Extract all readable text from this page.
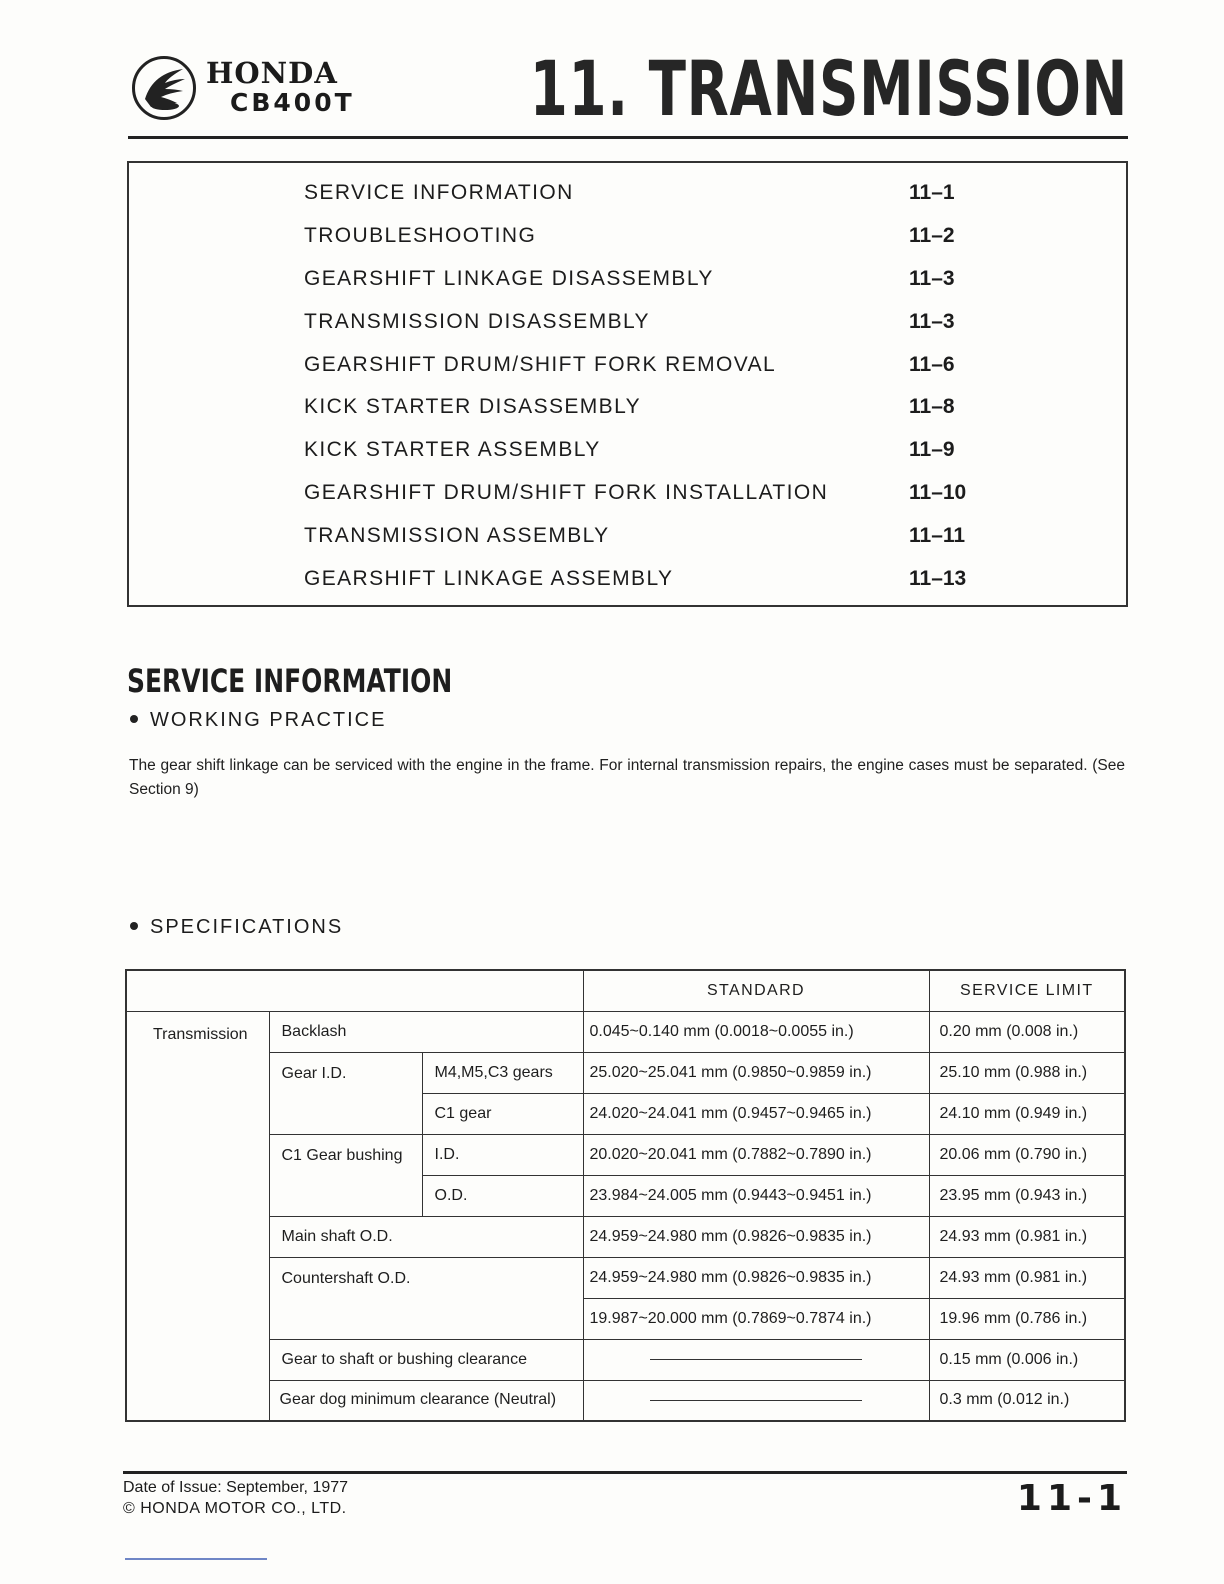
HONDA
CB400T 11. TRANSMISSION
SERVICE INFORMATION	11–1
TROUBLESHOOTING	11–2
GEARSHIFT LINKAGE DISASSEMBLY	11–3
TRANSMISSION DISASSEMBLY	11–3
GEARSHIFT DRUM/SHIFT FORK REMOVAL	11–6
KICK STARTER DISASSEMBLY	11–8
KICK STARTER ASSEMBLY	11–9
GEARSHIFT DRUM/SHIFT FORK INSTALLATION	11–10
TRANSMISSION ASSEMBLY	11–11
GEARSHIFT LINKAGE ASSEMBLY	11–13
SERVICE INFORMATION
WORKING PRACTICE
The gear shift linkage can be serviced with the engine in the frame. For internal transmission repairs, the engine cases must be separated. (See Section 9)
SPECIFICATIONS
			STANDARD	SERVICE LIMIT
Transmission	Backlash		0.045~0.140 mm (0.0018~0.0055 in.)	0.20 mm (0.008 in.)
	Gear I.D.	M4,M5,C3 gears	25.020~25.041 mm (0.9850~0.9859 in.)	25.10 mm (0.988 in.)
		C1 gear	24.020~24.041 mm (0.9457~0.9465 in.)	24.10 mm (0.949 in.)
	C1 Gear bushing	I.D.	20.020~20.041 mm (0.7882~0.7890 in.)	20.06 mm (0.790 in.)
		O.D.	23.984~24.005 mm (0.9443~0.9451 in.)	23.95 mm (0.943 in.)
	Main shaft O.D.		24.959~24.980 mm (0.9826~0.9835 in.)	24.93 mm (0.981 in.)
	Countershaft O.D.		24.959~24.980 mm (0.9826~0.9835 in.)	24.93 mm (0.981 in.)
			19.987~20.000 mm (0.7869~0.7874 in.)	19.96 mm (0.786 in.)
	Gear to shaft or bushing clearance			0.15 mm (0.006 in.)
	Gear dog minimum clearance (Neutral)			0.3 mm (0.012 in.)
Date of Issue: September, 1977
© HONDA MOTOR CO., LTD.	11-1
